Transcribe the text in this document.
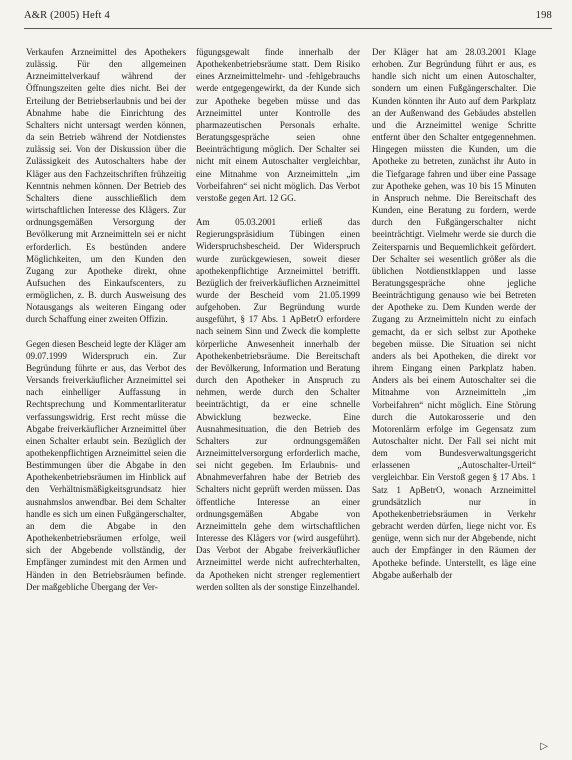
A&R (2005) Heft 4	198

Verkaufen Arzneimittel des Apothekers zulässig. Für den allgemeinen Arzneimittelverkauf während der Öffnungszeiten gelte dies nicht. Bei der Erteilung der Betriebserlaubnis und bei der Abnahme habe die Einrichtung des Schalters nicht untersagt werden können, da sein Betrieb während der Notdienstes zulässig sei. Von der Diskussion über die Zulässigkeit des Autoschalters habe der Kläger aus den Fachzeitschriften frühzeitig Kenntnis nehmen können. Der Betrieb des Schalters diene ausschließlich dem wirtschaftlichen Interesse des Klägers. Zur ordnungsgemäßen Versorgung der Bevölkerung mit Arzneimitteln sei er nicht erforderlich. Es bestünden andere Möglichkeiten, um den Kunden den Zugang zur Apotheke direkt, ohne Aufsuchen des Einkaufscenters, zu ermöglichen, z. B. durch Ausweisung des Notausgangs als weiteren Eingang oder durch Schaffung einer zweiten Offizin.

Gegen diesen Bescheid legte der Kläger am 09.07.1999 Widerspruch ein. Zur Begründung führte er aus, das Verbot des Versands freiverkäuflicher Arzneimittel sei nach einhelliger Auffassung in Rechtsprechung und Kommentarliteratur verfassungswidrig. Erst recht müsse die Abgabe freiverkäuflicher Arzneimittel über einen Schalter erlaubt sein. Bezüglich der apothekenpflichtigen Arzneimittel seien die Bestimmungen über die Abgabe in den Apothekenbetriebsräumen im Hinblick auf den Verhältnismäßigkeitsgrundsatz hier ausnahmslos anwendbar. Bei dem Schalter handle es sich um einen Fußgängerschalter, an dem die Abgabe in den Apothekenbetriebsräumen erfolge, weil sich der Abgebende vollständig, der Empfänger zumindest mit den Armen und Händen in den Betriebsräumen befinde. Der maßgebliche Übergang der Ver-

fügungsgewalt finde innerhalb der Apothekenbetriebsräume statt. Dem Risiko eines Arzneimittelmehr- und -fehlgebrauchs werde entgegengewirkt, da der Kunde sich zur Apotheke begeben müsse und das Arzneimittel unter Kontrolle des pharmazeutischen Personals erhalte. Beratungsgespräche seien ohne Beeinträchtigung möglich. Der Schalter sei nicht mit einem Autoschalter vergleichbar, eine Mitnahme von Arzneimitteln „im Vorbeifahren“ sei nicht möglich. Das Verbot verstoße gegen Art. 12 GG.

Am 05.03.2001 erließ das Regierungspräsidium Tübingen einen Widerspruchsbescheid. Der Widerspruch wurde zurückgewiesen, soweit dieser apothekenpflichtige Arzneimittel betrifft. Bezüglich der freiverkäuflichen Arzneimittel wurde der Bescheid vom 21.05.1999 aufgehoben. Zur Begründung wurde ausgeführt, § 17 Abs. 1 ApBetrO erfordere nach seinem Sinn und Zweck die komplette körperliche Anwesenheit innerhalb der Apothekenbetriebsräume. Die Bereitschaft der Bevölkerung, Information und Beratung durch den Apotheker in Anspruch zu nehmen, werde durch den Schalter beeinträchtigt, da er eine schnelle Abwicklung bezwecke. Eine Ausnahmesituation, die den Betrieb des Schalters zur ordnungsgemäßen Arzneimittelversorgung erforderlich mache, sei nicht gegeben. Im Erlaubnis- und Abnahmeverfahren habe der Betrieb des Schalters nicht geprüft werden müssen. Das öffentliche Interesse an einer ordnungsgemäßen Abgabe von Arzneimitteln gehe dem wirtschaftlichen Interesse des Klägers vor (wird ausgeführt). Das Verbot der Abgabe freiverkäuflicher Arzneimittel werde nicht aufrechterhalten, da Apotheken nicht strenger reglementiert werden sollten als der sonstige Einzelhandel.

Der Kläger hat am 28.03.2001 Klage erhoben. Zur Begründung führt er aus, es handle sich nicht um einen Autoschalter, sondern um einen Fußgängerschalter. Die Kunden könnten ihr Auto auf dem Parkplatz an der Außenwand des Gebäudes abstellen und die Arzneimittel wenige Schritte entfernt über den Schalter entgegennehmen. Hingegen müssten die Kunden, um die Apotheke zu betreten, zunächst ihr Auto in die Tiefgarage fahren und über eine Passage zur Apotheke gehen, was 10 bis 15 Minuten in Anspruch nehme. Die Bereitschaft des Kunden, eine Beratung zu fordern, werde durch den Fußgängerschalter nicht beeinträchtigt. Vielmehr werde sie durch die Zeitersparnis und Bequemlichkeit gefördert. Der Schalter sei wesentlich größer als die üblichen Notdienstklappen und lasse Beratungsgespräche ohne jegliche Beeinträchtigung genauso wie bei Betreten der Apotheke zu. Dem Kunden werde der Zugang zu Arzneimitteln nicht zu einfach gemacht, da er sich selbst zur Apotheke begeben müsse. Die Situation sei nicht anders als bei Apotheken, die direkt vor ihrem Eingang einen Parkplatz haben. Anders als bei einem Autoschalter sei die Mitnahme von Arzneimitteln „im Vorbeifahren“ nicht möglich. Eine Störung durch die Autokarosserie und den Motorenlärm erfolge im Gegensatz zum Autoschalter nicht. Der Fall sei nicht mit dem vom Bundesverwaltungsgericht erlassenen „Autoschalter-Urteil“ vergleichbar. Ein Verstoß gegen § 17 Abs. 1 Satz 1 ApBetrO, wonach Arzneimittel grundsätzlich nur in Apothekenbetriebsräumen in Verkehr gebracht werden dürfen, liege nicht vor. Es genüge, wenn sich nur der Abgebende, nicht auch der Empfänger in den Räumen der Apotheke befinde. Unterstellt, es läge eine Abgabe außerhalb der

▷
